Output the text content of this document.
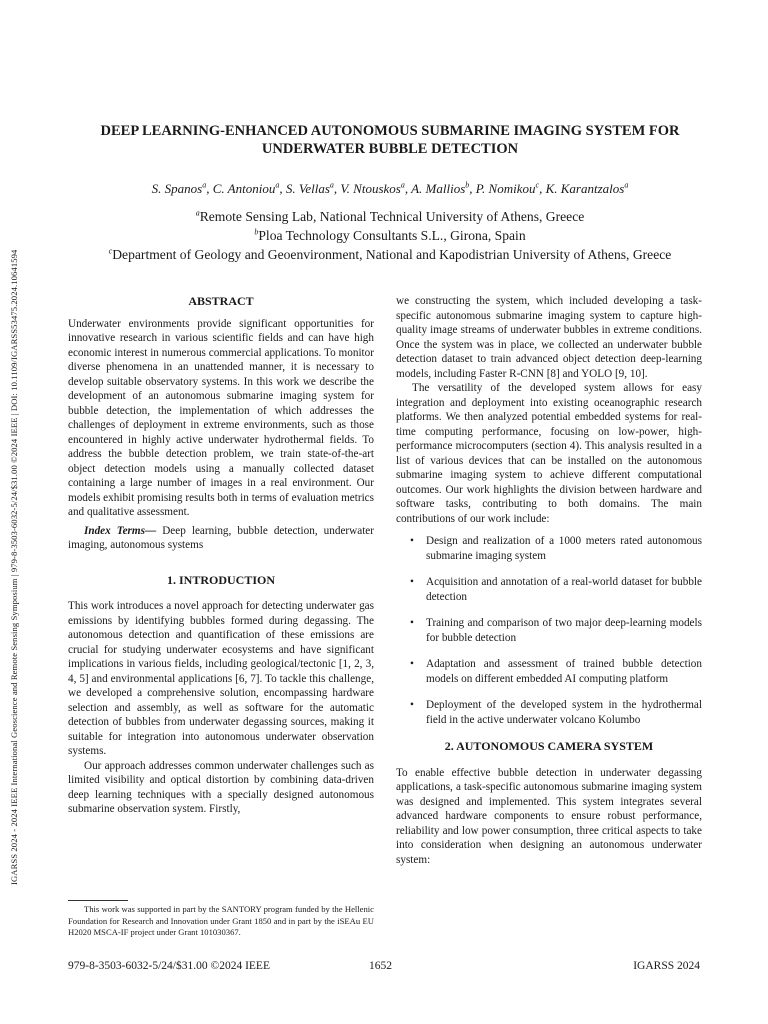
IGARSS 2024 - 2024 IEEE International Geoscience and Remote Sensing Symposium | 979-8-3503-6032-5/24/$31.00 ©2024 IEEE | DOI: 10.1109/IGARSS53475.2024.10641594
DEEP LEARNING-ENHANCED AUTONOMOUS SUBMARINE IMAGING SYSTEM FOR UNDERWATER BUBBLE DETECTION
S. Spanos$^a$, C. Antoniou$^a$, S. Vellas$^a$, V. Ntouskos$^a$, A. Mallios$^b$, P. Nomikou$^c$, K. Karantzalos$^a$
$^a$Remote Sensing Lab, National Technical University of Athens, Greece
$^b$Ploa Technology Consultants S.L., Girona, Spain
$^c$Department of Geology and Geoenvironment, National and Kapodistrian University of Athens, Greece
ABSTRACT

Underwater environments provide significant opportunities for innovative research in various scientific fields and can have high economic interest in numerous commercial applications. To monitor diverse phenomena in an unattended manner, it is necessary to develop suitable observatory systems. In this work we describe the development of an autonomous submarine imaging system for bubble detection, the implementation of which addresses the challenges of deployment in extreme environments, such as those encountered in highly active underwater hydrothermal fields. To address the bubble detection problem, we train state-of-the-art object detection models using a manually collected dataset containing a large number of images in a real environment. Our models exhibit promising results both in terms of evaluation metrics and qualitative assessment.

Index Terms— Deep learning, bubble detection, underwater imaging, autonomous systems

1. INTRODUCTION

This work introduces a novel approach for detecting underwater gas emissions by identifying bubbles formed during degassing. The autonomous detection and quantification of these emissions are crucial for studying underwater ecosystems and have significant implications in various fields, including geological/tectonic [1, 2, 3, 4, 5] and environmental applications [6, 7]. To tackle this challenge, we developed a comprehensive solution, encompassing hardware selection and assembly, as well as software for the automatic detection of bubbles from underwater degassing sources, making it suitable for integration into autonomous underwater observation systems.

Our approach addresses common underwater challenges such as limited visibility and optical distortion by combining data-driven deep learning techniques with a specially designed autonomous submarine observation system. Firstly,

we constructing the system, which included developing a task-specific autonomous submarine imaging system to capture high-quality image streams of underwater bubbles in extreme conditions. Once the system was in place, we collected an underwater bubble detection dataset to train advanced object detection deep-learning models, including Faster R-CNN [8] and YOLO [9, 10].

The versatility of the developed system allows for easy integration and deployment into existing oceanographic research platforms. We then analyzed potential embedded systems for real-time computing performance, focusing on low-power, high-performance microcomputers (section 4). This analysis resulted in a list of various devices that can be installed on the autonomous submarine imaging system to achieve different computational outcomes. Our work highlights the division between hardware and software tasks, contributing to both domains. The main contributions of our work include:

• Design and realization of a 1000 meters rated autonomous submarine imaging system
• Acquisition and annotation of a real-world dataset for bubble detection
• Training and comparison of two major deep-learning models for bubble detection
• Adaptation and assessment of trained bubble detection models on different embedded AI computing platform
• Deployment of the developed system in the hydrothermal field in the active underwater volcano Kolumbo
2. AUTONOMOUS CAMERA SYSTEM

To enable effective bubble detection in underwater degassing applications, a task-specific autonomous submarine imaging system was designed and implemented. This system integrates several advanced hardware components to ensure robust performance, reliability and low power consumption, three critical aspects to take into consideration when designing an autonomous underwater system:

This work was supported in part by the SANTORY program funded by the Hellenic Foundation for Research and Innovation under Grant 1850 and in part by the iSEAu EU H2020 MSCA-IF project under Grant 101030367.
979-8-3503-6032-5/24/$31.00 ©2024 IEEE	1652	IGARSS 2024
